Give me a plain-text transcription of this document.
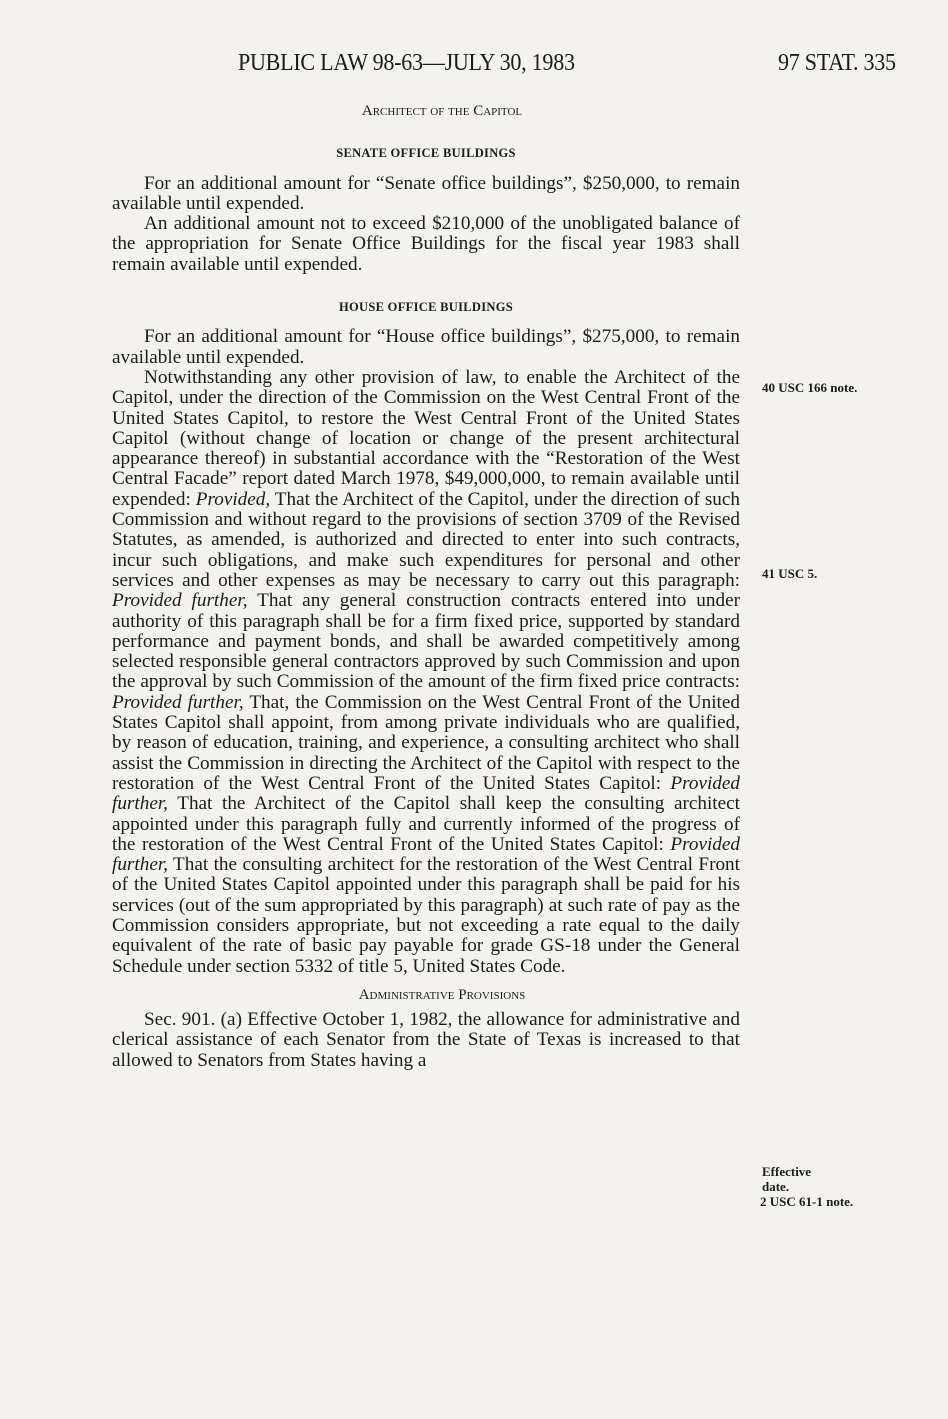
PUBLIC LAW 98-63—JULY 30, 1983	97 STAT. 335

Architect of the Capitol

SENATE OFFICE BUILDINGS

For an additional amount for “Senate office buildings”, $250,000, to remain available until expended.

An additional amount not to exceed $210,000 of the unobligated balance of the appropriation for Senate Office Buildings for the fiscal year 1983 shall remain available until expended.

HOUSE OFFICE BUILDINGS

For an additional amount for “House office buildings”, $275,000, to remain available until expended.

Notwithstanding any other provision of law, to enable the Architect of the Capitol, under the direction of the Commission on the West Central Front of the United States Capitol, to restore the West Central Front of the United States Capitol (without change of location or change of the present architectural appearance thereof) in substantial accordance with the “Restoration of the West Central Facade” report dated March 1978, $49,000,000, to remain available until expended: Provided, That the Architect of the Capitol, under the direction of such Commission and without regard to the provisions of section 3709 of the Revised Statutes, as amended, is authorized and directed to enter into such contracts, incur such obligations, and make such expenditures for personal and other services and other expenses as may be necessary to carry out this paragraph: Provided further, That any general construction contracts entered into under authority of this paragraph shall be for a firm fixed price, supported by standard performance and payment bonds, and shall be awarded competitively among selected responsible general contractors approved by such Commission and upon the approval by such Commission of the amount of the firm fixed price contracts: Provided further, That, the Commission on the West Central Front of the United States Capitol shall appoint, from among private individuals who are qualified, by reason of education, training, and experience, a consulting architect who shall assist the Commission in directing the Architect of the Capitol with respect to the restoration of the West Central Front of the United States Capitol: Provided further, That the Architect of the Capitol shall keep the consulting architect appointed under this paragraph fully and currently informed of the progress of the restoration of the West Central Front of the United States Capitol: Provided further, That the consulting architect for the restoration of the West Central Front of the United States Capitol appointed under this paragraph shall be paid for his services (out of the sum appropriated by this paragraph) at such rate of pay as the Commission considers appropriate, but not exceeding a rate equal to the daily equivalent of the rate of basic pay payable for grade GS-18 under the General Schedule under section 5332 of title 5, United States Code.

Administrative Provisions

Sec. 901. (a) Effective October 1, 1982, the allowance for administrative and clerical assistance of each Senator from the State of Texas is increased to that allowed to Senators from States having a

40 USC 166 note.
41 USC 5.
Effective
date.
2 USC 61-1 note.
